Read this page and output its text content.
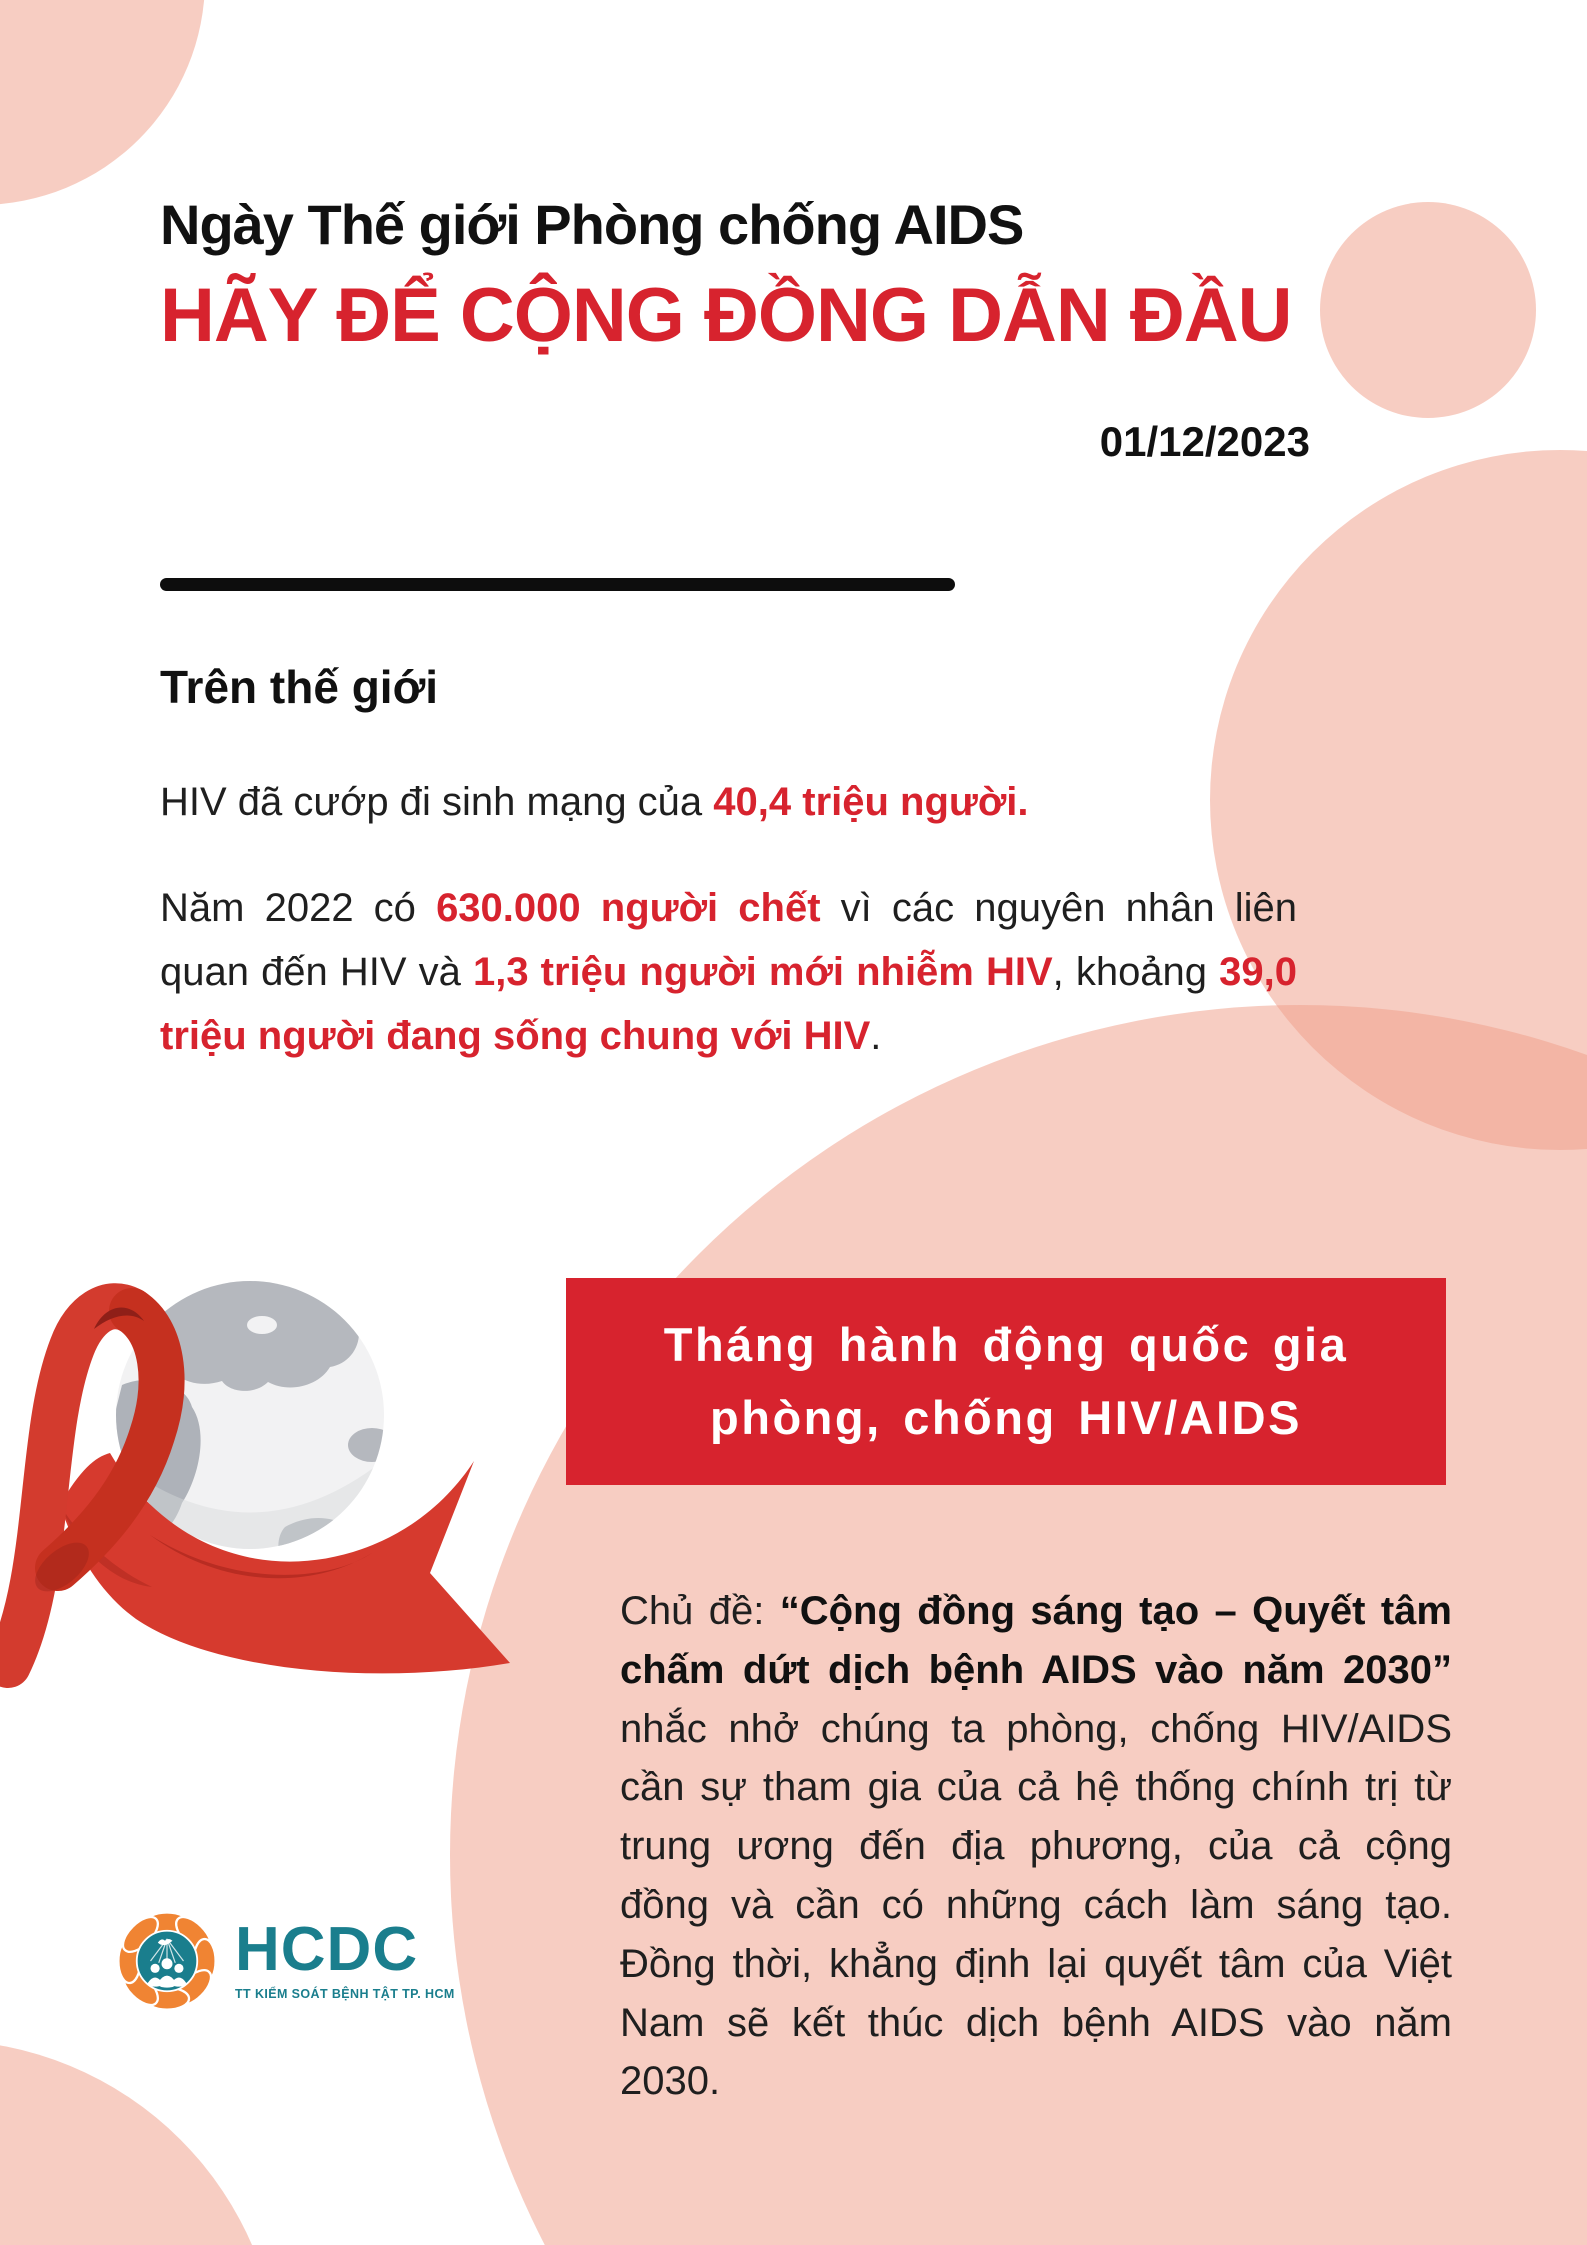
Ngày Thế giới Phòng chống AIDS
HÃY ĐỂ CỘNG ĐỒNG DẪN ĐẦU
01/12/2023
Trên thế giới
HIV đã cướp đi sinh mạng của 40,4 triệu người.
Năm 2022 có 630.000 người chết vì các nguyên nhân liên quan đến HIV và 1,3 triệu người mới nhiễm HIV, khoảng 39,0 triệu người đang sống chung với HIV.
Tháng hành động quốc gia
phòng, chống HIV/AIDS
Chủ đề: “Cộng đồng sáng tạo – Quyết tâm chấm dứt dịch bệnh AIDS vào năm 2030” nhắc nhở chúng ta phòng, chống HIV/AIDS cần sự tham gia của cả hệ thống chính trị từ trung ương đến địa phương, của cả cộng đồng và cần có những cách làm sáng tạo. Đồng thời, khẳng định lại quyết tâm của Việt Nam sẽ kết thúc dịch bệnh AIDS vào năm 2030.
HCDC
TT KIỂM SOÁT BỆNH TẬT TP. HCM
